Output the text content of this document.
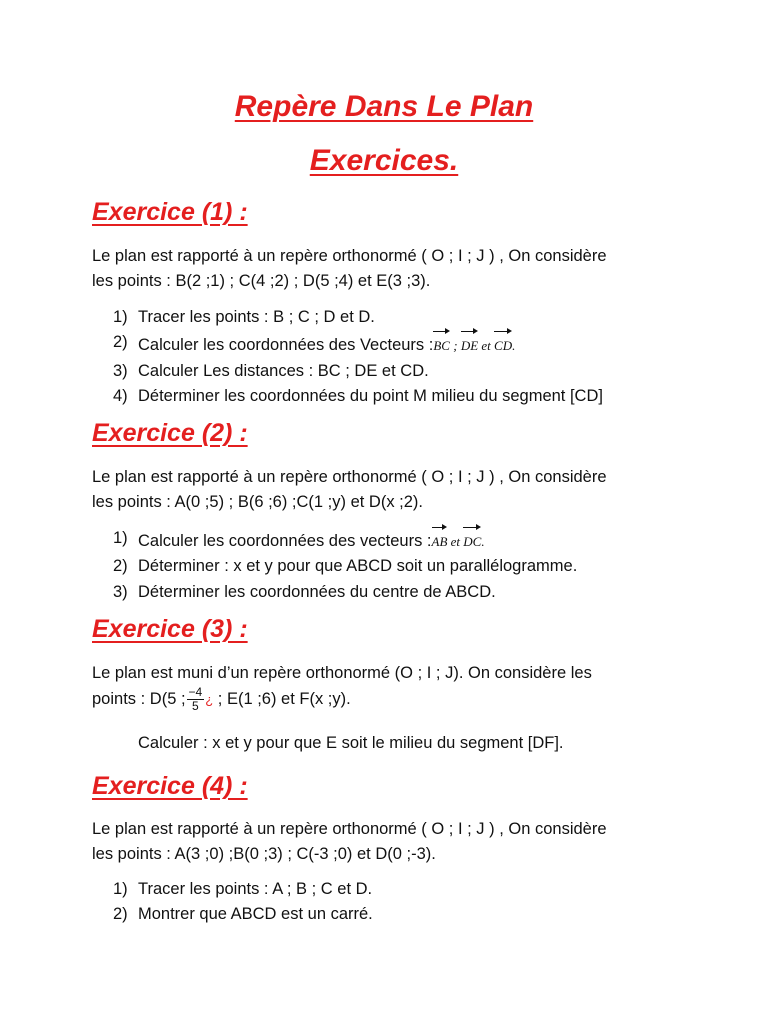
Repère Dans Le Plan
Exercices.
Exercice (1) :

Le plan est rapporté à un repère orthonormé ( O ; I ; J ) , On considère
les points : B(2 ;1) ; C(4 ;2) ; D(5 ;4) et E(3 ;3).

1) Tracer les points : B ; C ; D et D.
2) Calculer les coordonnées des Vecteurs :BC ; DE et CD.
3) Calculer Les distances : BC ; DE et CD.
4) Déterminer les coordonnées du point M milieu du segment [CD]
Exercice (2) :

Le plan est rapporté à un repère orthonormé ( O ; I ; J ) , On considère
les points : A(0 ;5) ; B(6 ;6) ;C(1 ;y) et D(x ;2).

1) Calculer les coordonnées des vecteurs :AB et DC.
2) Déterminer : x et y pour que ABCD soit un parallélogramme.
3) Déterminer les coordonnées du centre de ABCD.
Exercice (3) :

Le plan est muni d’un repère orthonormé (O ; I ; J). On considère les
points : D(5 ; $\frac{-4}{5}$ ¿ ; E(1 ;6) et F(x ;y).

Calculer : x et y pour que E soit le milieu du segment [DF].

Exercice (4) :

Le plan est rapporté à un repère orthonormé ( O ; I ; J ) , On considère
les points : A(3 ;0) ;B(0 ;3) ; C(-3 ;0) et D(0 ;-3).

1) Tracer les points : A ; B ; C et D.
2) Montrer que ABCD est un carré.
